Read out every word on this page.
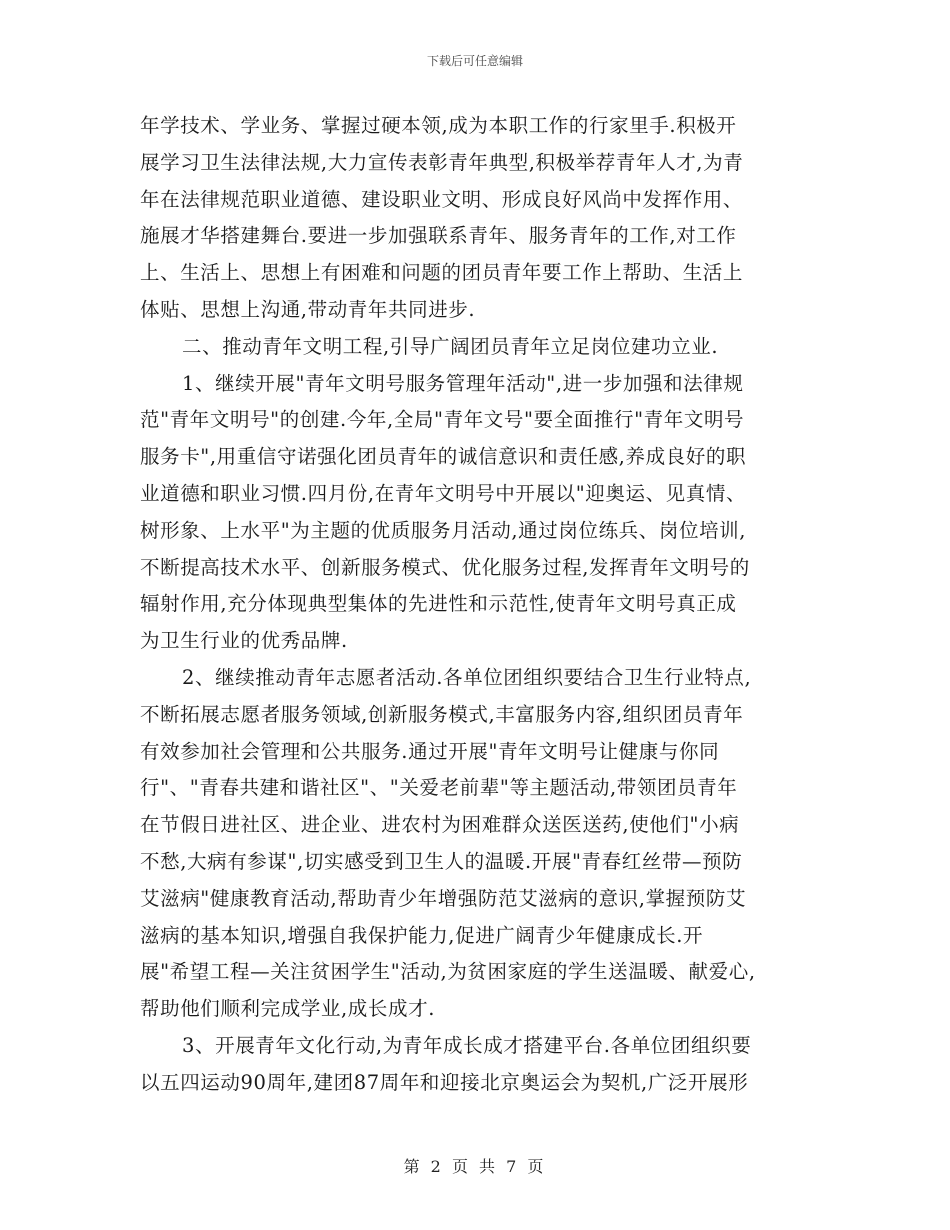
下载后可任意编辑
年学技术、学业务、掌握过硬本领,成为本职工作的行家里手.积极开
展学习卫生法律法规,大力宣传表彰青年典型,积极举荐青年人才,为青
年在法律规范职业道德、建设职业文明、形成良好风尚中发挥作用、
施展才华搭建舞台.要进一步加强联系青年、服务青年的工作,对工作
上、生活上、思想上有困难和问题的团员青年要工作上帮助、生活上
体贴、思想上沟通,带动青年共同进步.
二、推动青年文明工程,引导广阔团员青年立足岗位建功立业.
1、继续开展"青年文明号服务管理年活动",进一步加强和法律规
范"青年文明号"的创建.今年,全局"青年文号"要全面推行"青年文明号
服务卡",用重信守诺强化团员青年的诚信意识和责任感,养成良好的职
业道德和职业习惯.四月份,在青年文明号中开展以"迎奥运、见真情、
树形象、上水平"为主题的优质服务月活动,通过岗位练兵、岗位培训,
不断提高技术水平、创新服务模式、优化服务过程,发挥青年文明号的
辐射作用,充分体现典型集体的先进性和示范性,使青年文明号真正成
为卫生行业的优秀品牌.
2、继续推动青年志愿者活动.各单位团组织要结合卫生行业特点,
不断拓展志愿者服务领域,创新服务模式,丰富服务内容,组织团员青年
有效参加社会管理和公共服务.通过开展"青年文明号让健康与你同
行"、"青春共建和谐社区"、"关爱老前辈"等主题活动,带领团员青年
在节假日进社区、进企业、进农村为困难群众送医送药,使他们"小病
不愁,大病有参谋",切实感受到卫生人的温暖.开展"青春红丝带—预防
艾滋病"健康教育活动,帮助青少年增强防范艾滋病的意识,掌握预防艾
滋病的基本知识,增强自我保护能力,促进广阔青少年健康成长.开
展"希望工程—关注贫困学生"活动,为贫困家庭的学生送温暖、献爱心,
帮助他们顺利完成学业,成长成才.
3、开展青年文化行动,为青年成长成才搭建平台.各单位团组织要
以五四运动90周年,建团87周年和迎接北京奥运会为契机,广泛开展形
第 2 页 共 7 页
